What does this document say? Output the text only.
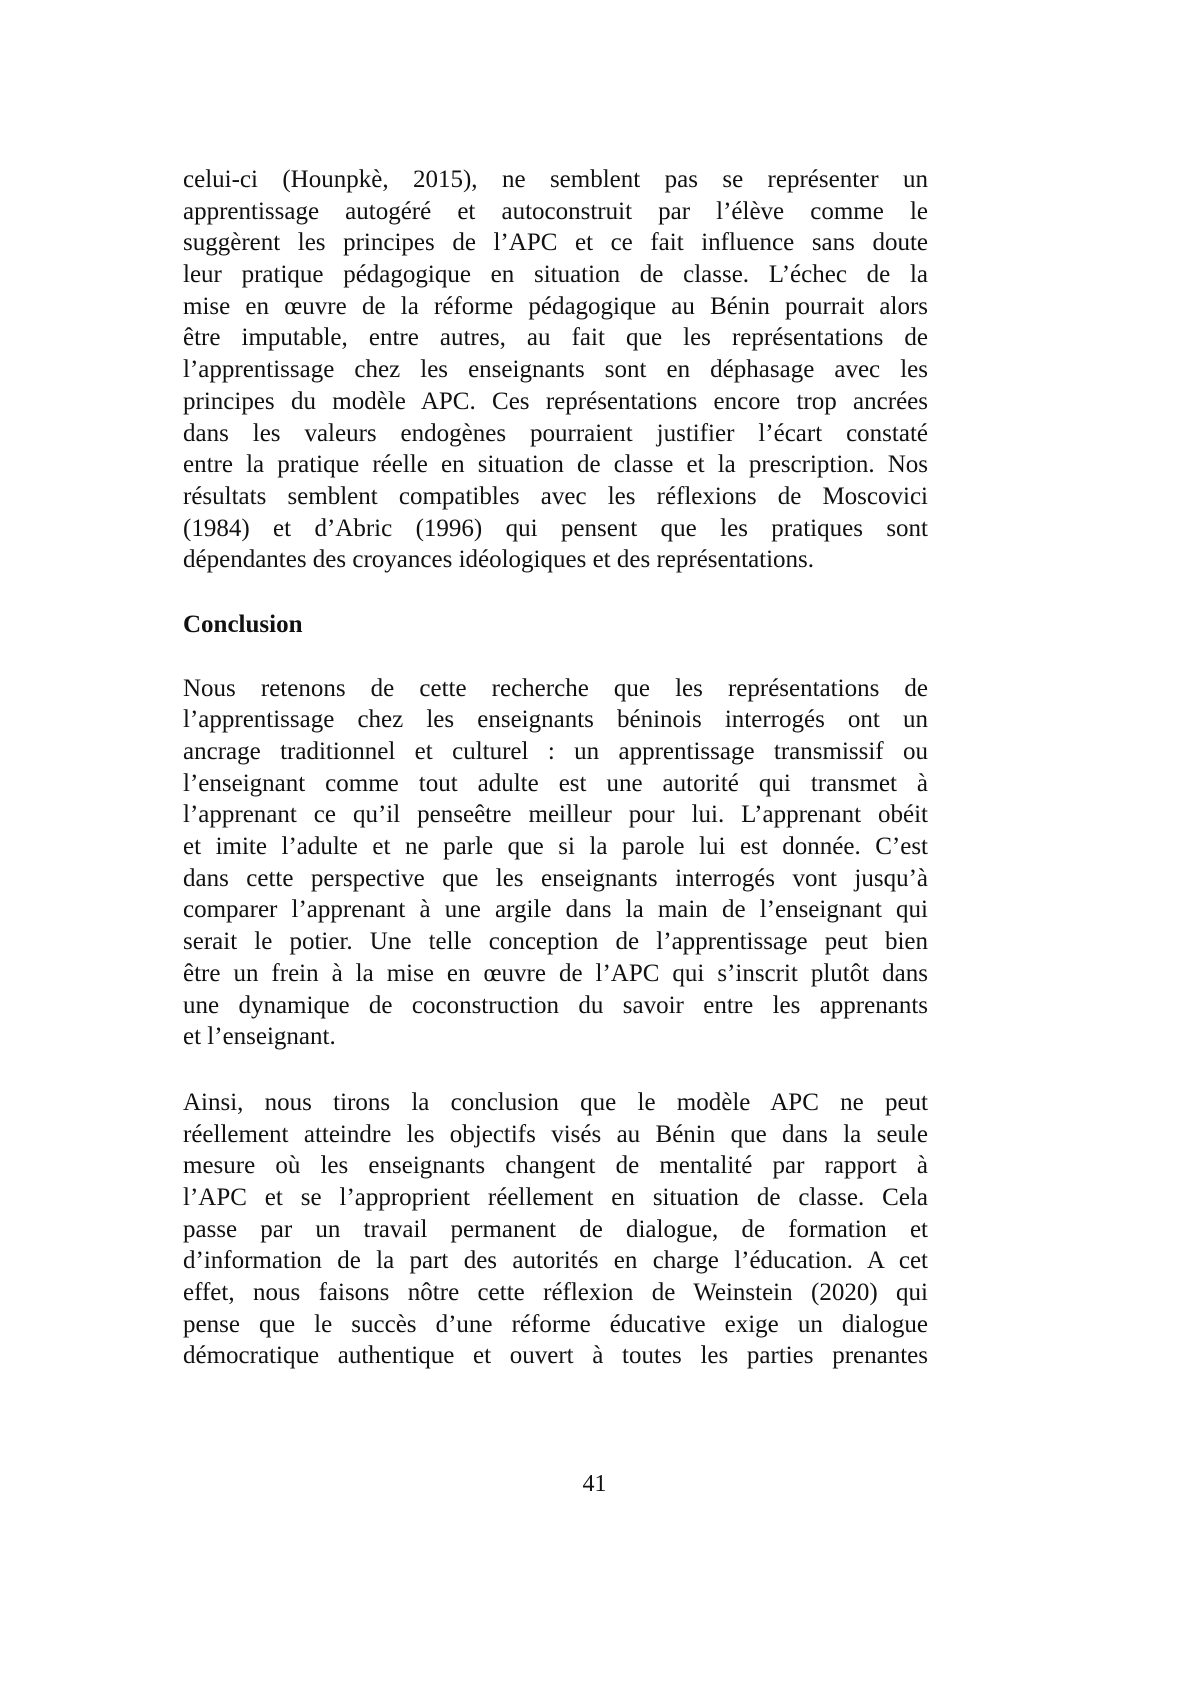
celui-ci (Hounpkè, 2015), ne semblent pas se représenter un
apprentissage autogéré et autoconstruit par l’élève comme le
suggèrent les principes de l’APC et ce fait influence sans doute
leur pratique pédagogique en situation de classe. L’échec de la
mise en œuvre de la réforme pédagogique au Bénin pourrait alors
être imputable, entre autres, au fait que les représentations de
l’apprentissage chez les enseignants sont en déphasage avec les
principes du modèle APC. Ces représentations encore trop ancrées
dans les valeurs endogènes pourraient justifier l’écart constaté
entre la pratique réelle en situation de classe et la prescription. Nos
résultats semblent compatibles avec les réflexions de Moscovici
(1984) et d’Abric (1996) qui pensent que les pratiques sont
dépendantes des croyances idéologiques et des représentations.

Conclusion

Nous retenons de cette recherche que les représentations de
l’apprentissage chez les enseignants béninois interrogés ont un
ancrage traditionnel et culturel : un apprentissage transmissif ou
l’enseignant comme tout adulte est une autorité qui transmet à
l’apprenant ce qu’il penseêtre meilleur pour lui. L’apprenant obéit
et imite l’adulte et ne parle que si la parole lui est donnée. C’est
dans cette perspective que les enseignants interrogés vont jusqu’à
comparer l’apprenant à une argile dans la main de l’enseignant qui
serait le potier. Une telle conception de l’apprentissage peut bien
être un frein à la mise en œuvre de l’APC qui s’inscrit plutôt dans
une dynamique de coconstruction du savoir entre les apprenants
et l’enseignant.

Ainsi, nous tirons la conclusion que le modèle APC ne peut
réellement atteindre les objectifs visés au Bénin que dans la seule
mesure où les enseignants changent de mentalité par rapport à
l’APC et se l’approprient réellement en situation de classe. Cela
passe par un travail permanent de dialogue, de formation et
d’information de la part des autorités en charge l’éducation. A cet
effet, nous faisons nôtre cette réflexion de Weinstein (2020) qui
pense que le succès d’une réforme éducative exige un dialogue
démocratique authentique et ouvert à toutes les parties prenantes

41
